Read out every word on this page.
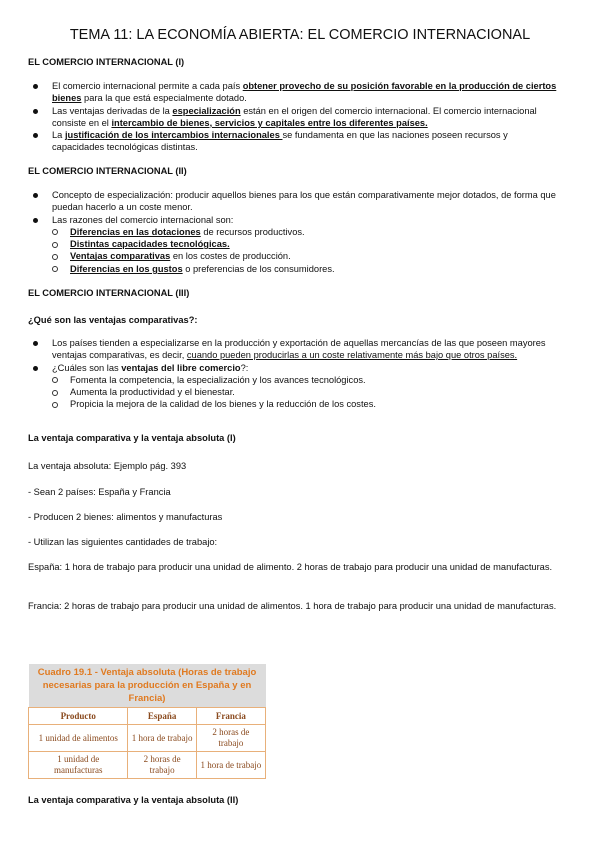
TEMA 11: LA ECONOMÍA ABIERTA: EL COMERCIO INTERNACIONAL
EL COMERCIO INTERNACIONAL (I)
El comercio internacional permite a cada país obtener provecho de su posición favorable en la producción de ciertos bienes para la que está especialmente dotado.
Las ventajas derivadas de la especialización están en el origen del comercio internacional. El comercio internacional consiste en el intercambio de bienes, servicios y capitales entre los diferentes países.
La justificación de los intercambios internacionales se fundamenta en que las naciones poseen recursos y capacidades tecnológicas distintas.
EL COMERCIO INTERNACIONAL (II)
Concepto de especialización: producir aquellos bienes para los que están comparativamente mejor dotados, de forma que puedan hacerlo a un coste menor.
Las razones del comercio internacional son:
Diferencias en las dotaciones de recursos productivos.
Distintas capacidades tecnológicas.
Ventajas comparativas en los costes de producción.
Diferencias en los gustos o preferencias de los consumidores.
EL COMERCIO INTERNACIONAL (III)
¿Qué son las ventajas comparativas?:
Los países tienden a especializarse en la producción y exportación de aquellas mercancías de las que poseen mayores ventajas comparativas, es decir, cuando pueden producirlas a un coste relativamente más bajo que otros países.
¿Cuáles son las ventajas del libre comercio?:
Fomenta la competencia, la especialización y los avances tecnológicos.
Aumenta la productividad y el bienestar.
Propicia la mejora de la calidad de los bienes y la reducción de los costes.
La ventaja comparativa y la ventaja absoluta (I)
La ventaja absoluta: Ejemplo pág. 393
- Sean 2 países: España y Francia
- Producen 2 bienes: alimentos y manufacturas
- Utilizan las siguientes cantidades de trabajo:
España: 1 hora de trabajo para producir una unidad de alimento. 2 horas de trabajo para producir una unidad de manufacturas.
Francia: 2 horas de trabajo para producir una unidad de alimentos. 1 hora de trabajo para producir una unidad de manufacturas.
Cuadro 19.1 - Ventaja absoluta (Horas de trabajo necesarias para la producción en España y en Francia)		
Producto	España	Francia
1 unidad de alimentos	1 hora de trabajo	2 horas de trabajo
1 unidad de manufacturas	2 horas de trabajo	1 hora de trabajo
La ventaja comparativa y la ventaja absoluta (II)
